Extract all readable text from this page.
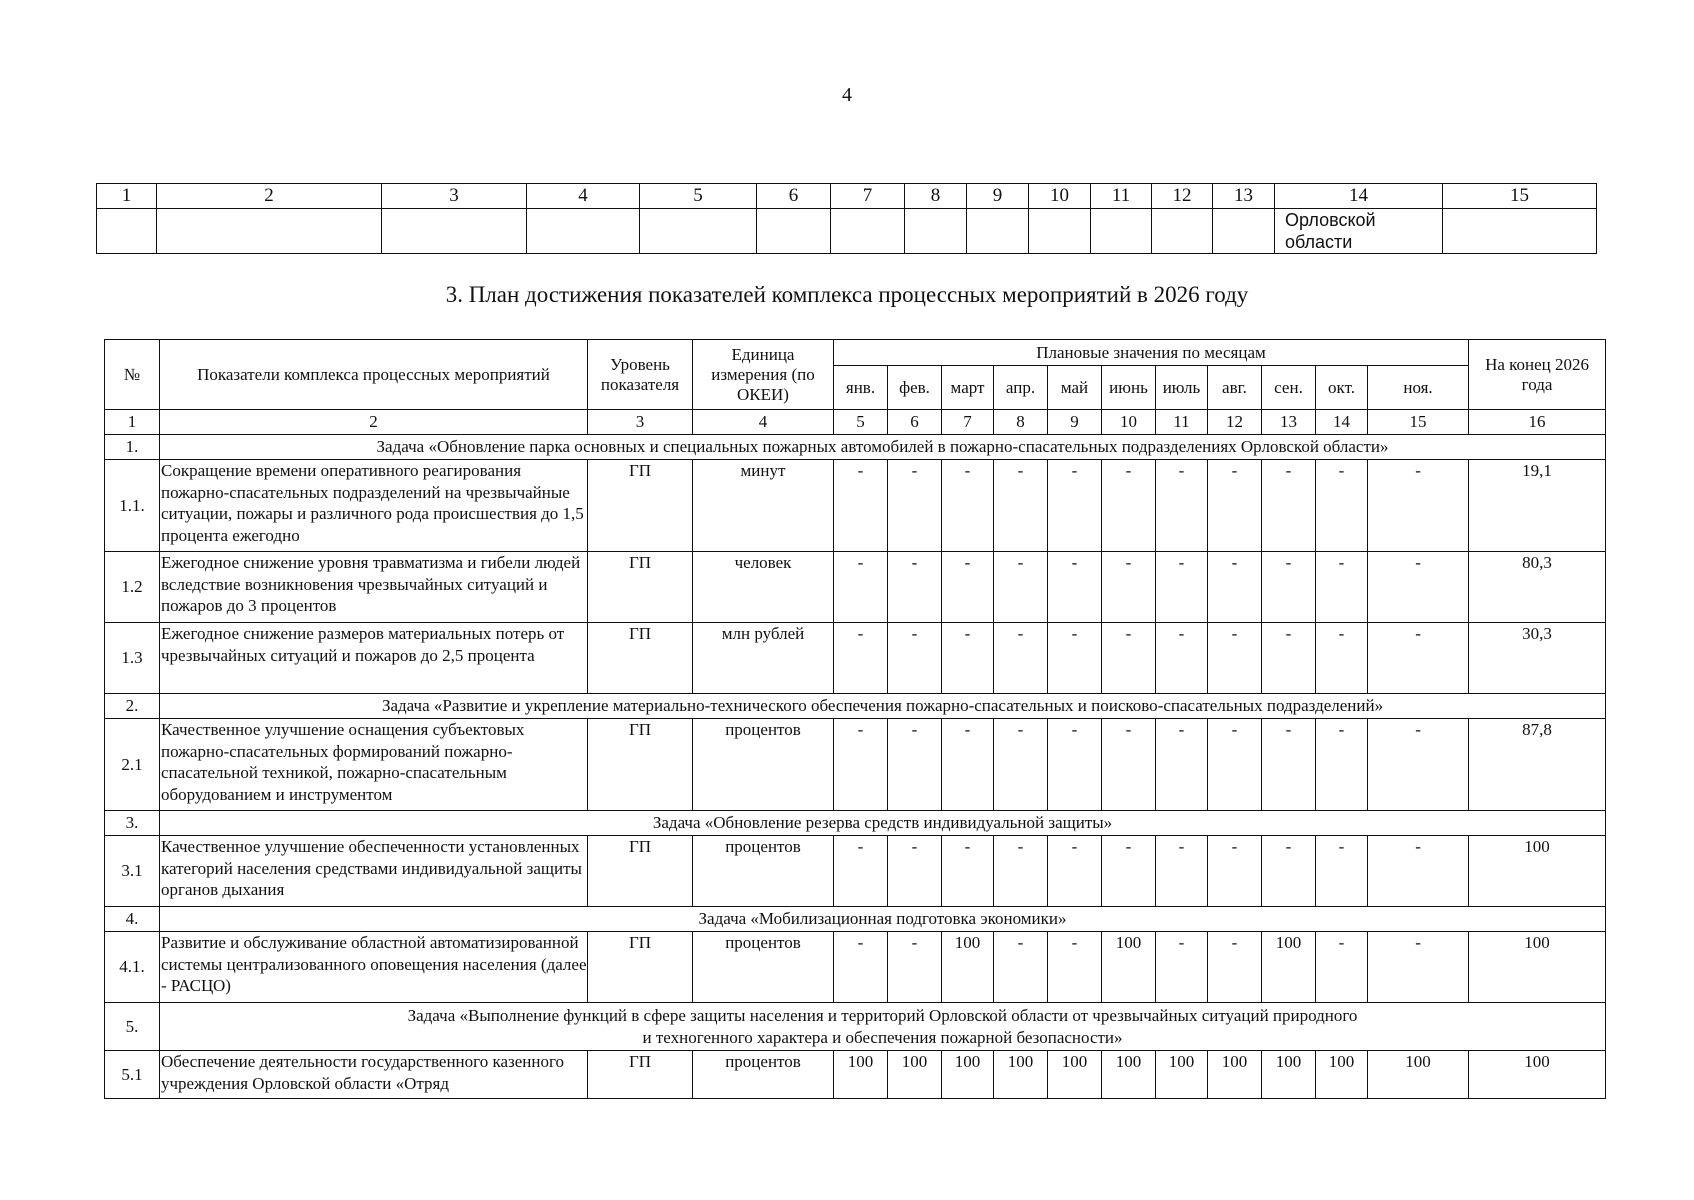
4
1	2	3	4	5	6	7	8	9	10	11	12	13	14	15

													Орловской
области	

3. План достижения показателей комплекса процессных мероприятий в 2026 году
№	Показатели комплекса процессных мероприятий	Уровень показателя	Единица измерения (по ОКЕИ)	Плановые значения по месяцам											На конец 2026 года
				янв.	фев.	март	апр.	май	июнь	июль	авг.	сен.	окт.	ноя.	
1	2	3	4	5	6	7	8	9	10	11	12	13	14	15	16
1.	Задача «Обновление парка основных и специальных пожарных автомобилей в пожарно-спасательных подразделениях Орловской области»														
1.1.	Сокращение времени оперативного реагирования пожарно-спасательных подразделений на чрезвычайные ситуации, пожары и различного рода происшествия до 1,5 процента ежегодно	ГП	минут	-	-	-	-	-	-	-	-	-	-	-	19,1
1.2	Ежегодное снижение уровня травматизма и гибели людей вследствие возникновения чрезвычайных ситуаций и пожаров до 3 процентов	ГП	человек	-	-	-	-	-	-	-	-	-	-	-	80,3
1.3	Ежегодное снижение размеров материальных потерь от чрезвычайных ситуаций и пожаров до 2,5 процента	ГП	млн рублей	-	-	-	-	-	-	-	-	-	-	-	30,3
2.	Задача «Развитие и укрепление материально-технического обеспечения пожарно-спасательных и поисково-спасательных подразделений»														
2.1	Качественное улучшение оснащения субъектовых пожарно-спасательных формирований пожарно-спасательной техникой, пожарно-спасательным оборудованием и инструментом	ГП	процентов	-	-	-	-	-	-	-	-	-	-	-	87,8
3.	Задача «Обновление резерва средств индивидуальной защиты»														
3.1	Качественное улучшение обеспеченности установленных категорий населения средствами индивидуальной защиты органов дыхания	ГП	процентов	-	-	-	-	-	-	-	-	-	-	-	100
4.	Задача «Мобилизационная подготовка экономики»														
4.1.	Развитие и обслуживание областной автоматизированной системы централизованного оповещения населения (далее - РАСЦО)	ГП	процентов	-	-	100	-	-	100	-	-	100	-	-	100
5.	Задача «Выполнение функций в сфере защиты населения и территорий Орловской области от чрезвычайных ситуаций природного
и техногенного характера и обеспечения пожарной безопасности»														

5.1	Обеспечение деятельности государственного казенного учреждения Орловской области «Отряд	ГП	процентов	100	100	100	100	100	100	100	100	100	100	100	100
